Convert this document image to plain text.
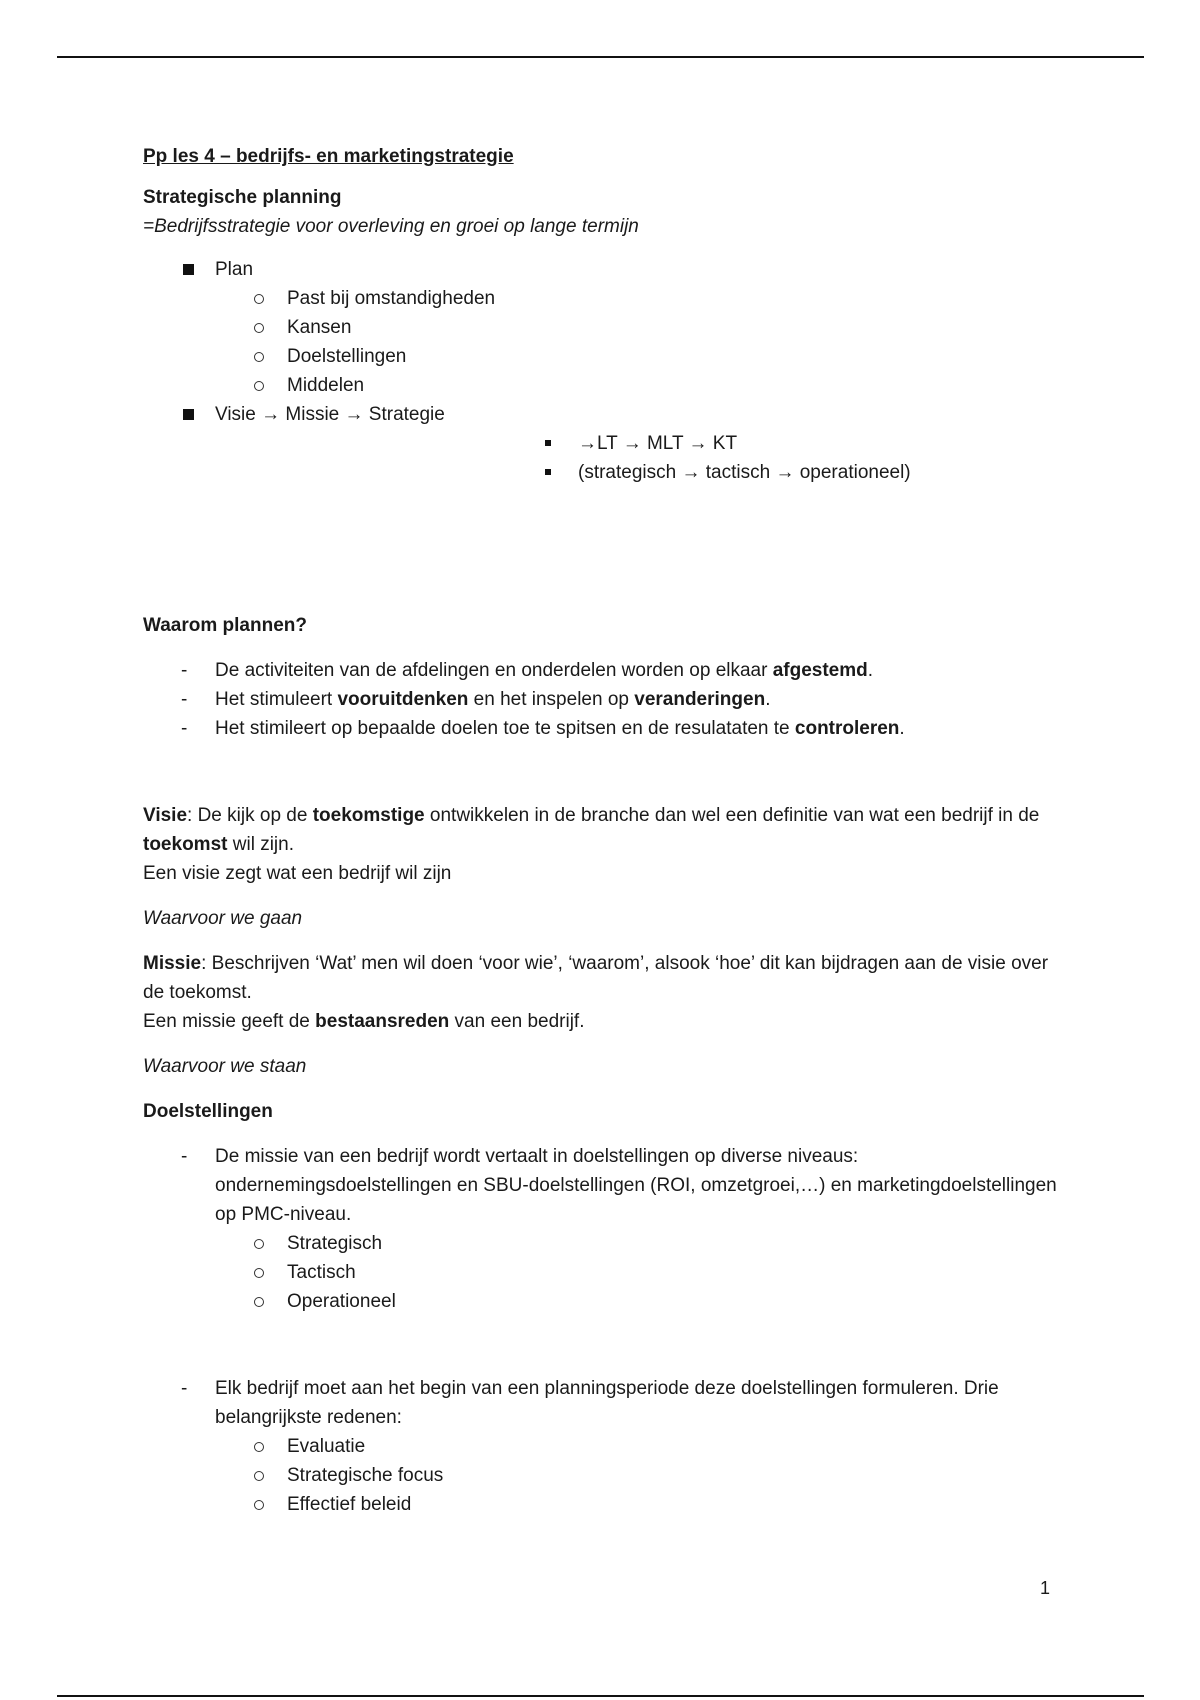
Pp les 4 – bedrijfs- en marketingstrategie

Strategische planning

=Bedrijfsstrategie voor overleving en groei op lange termijn

Plan
Past bij omstandigheden
Kansen
Doelstellingen
Middelen
Visie → Missie → Strategie
→LT → MLT → KT
(strategisch → tactisch → operationeel)

Waarom plannen?

- De activiteiten van de afdelingen en onderdelen worden op elkaar afgestemd.
- Het stimuleert vooruitdenken en het inspelen op veranderingen.
- Het stimileert op bepaalde doelen toe te spitsen en de resulataten te controleren.

Visie: De kijk op de toekomstige ontwikkelen in de branche dan wel een definitie van wat een bedrijf in de toekomst wil zijn.

Een visie zegt wat een bedrijf wil zijn

Waarvoor we gaan

Missie: Beschrijven ‘Wat’ men wil doen ‘voor wie’, ‘waarom’, alsook ‘hoe’ dit kan bijdragen aan de visie over de toekomst.

Een missie geeft de bestaansreden van een bedrijf.

Waarvoor we staan

Doelstellingen

- De missie van een bedrijf wordt vertaalt in doelstellingen op diverse niveaus: ondernemingsdoelstellingen en SBU-doelstellingen (ROI, omzetgroei,…) en marketingdoelstellingen op PMC-niveau.
Strategisch
Tactisch
Operationeel
- Elk bedrijf moet aan het begin van een planningsperiode deze doelstellingen formuleren. Drie belangrijkste redenen:
Evaluatie
Strategische focus
Effectief beleid
1
